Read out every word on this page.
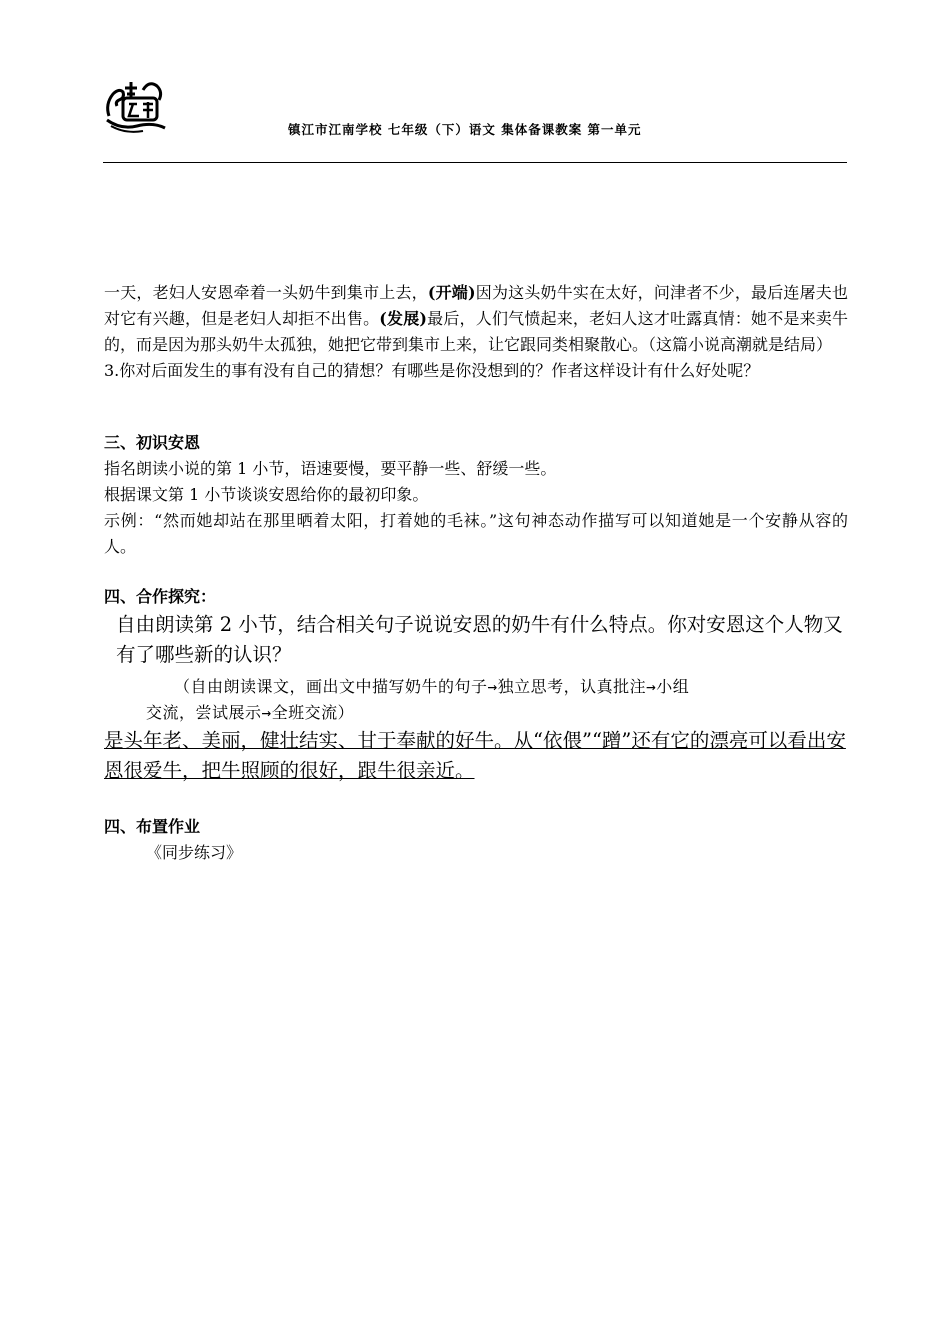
镇江市江南学校 七年级（下）语文 集体备课教案 第一单元

一天，老妇人安恩牵着一头奶牛到集市上去，(开端)因为这头奶牛实在太好，问津者不少，最后连屠夫也对它有兴趣，但是老妇人却拒不出售。(发展)最后，人们气愤起来，老妇人这才吐露真情：她不是来卖牛的，而是因为那头奶牛太孤独，她把它带到集市上来，让它跟同类相聚散心。（这篇小说高潮就是结局）

3.你对后面发生的事有没有自己的猜想？有哪些是你没想到的？作者这样设计有什么好处呢？

三、初识安恩

指名朗读小说的第 1 小节，语速要慢，要平静一些、舒缓一些。

根据课文第 1 小节谈谈安恩给你的最初印象。

示例：“然而她却站在那里晒着太阳，打着她的毛袜。”这句神态动作描写可以知道她是一个安静从容的人。

四、合作探究：

自由朗读第 2 小节，结合相关句子说说安恩的奶牛有什么特点。你对安恩这个人物又有了哪些新的认识？

（自由朗读课文，画出文中描写奶牛的句子→独立思考，认真批注→小组
交流，尝试展示→全班交流）

是头年老、美丽，健壮结实、甘于奉献的好牛。从“依偎”“蹭”还有它的漂亮可以看出安恩很爱牛，把牛照顾的很好，跟牛很亲近。

四、布置作业

《同步练习》
